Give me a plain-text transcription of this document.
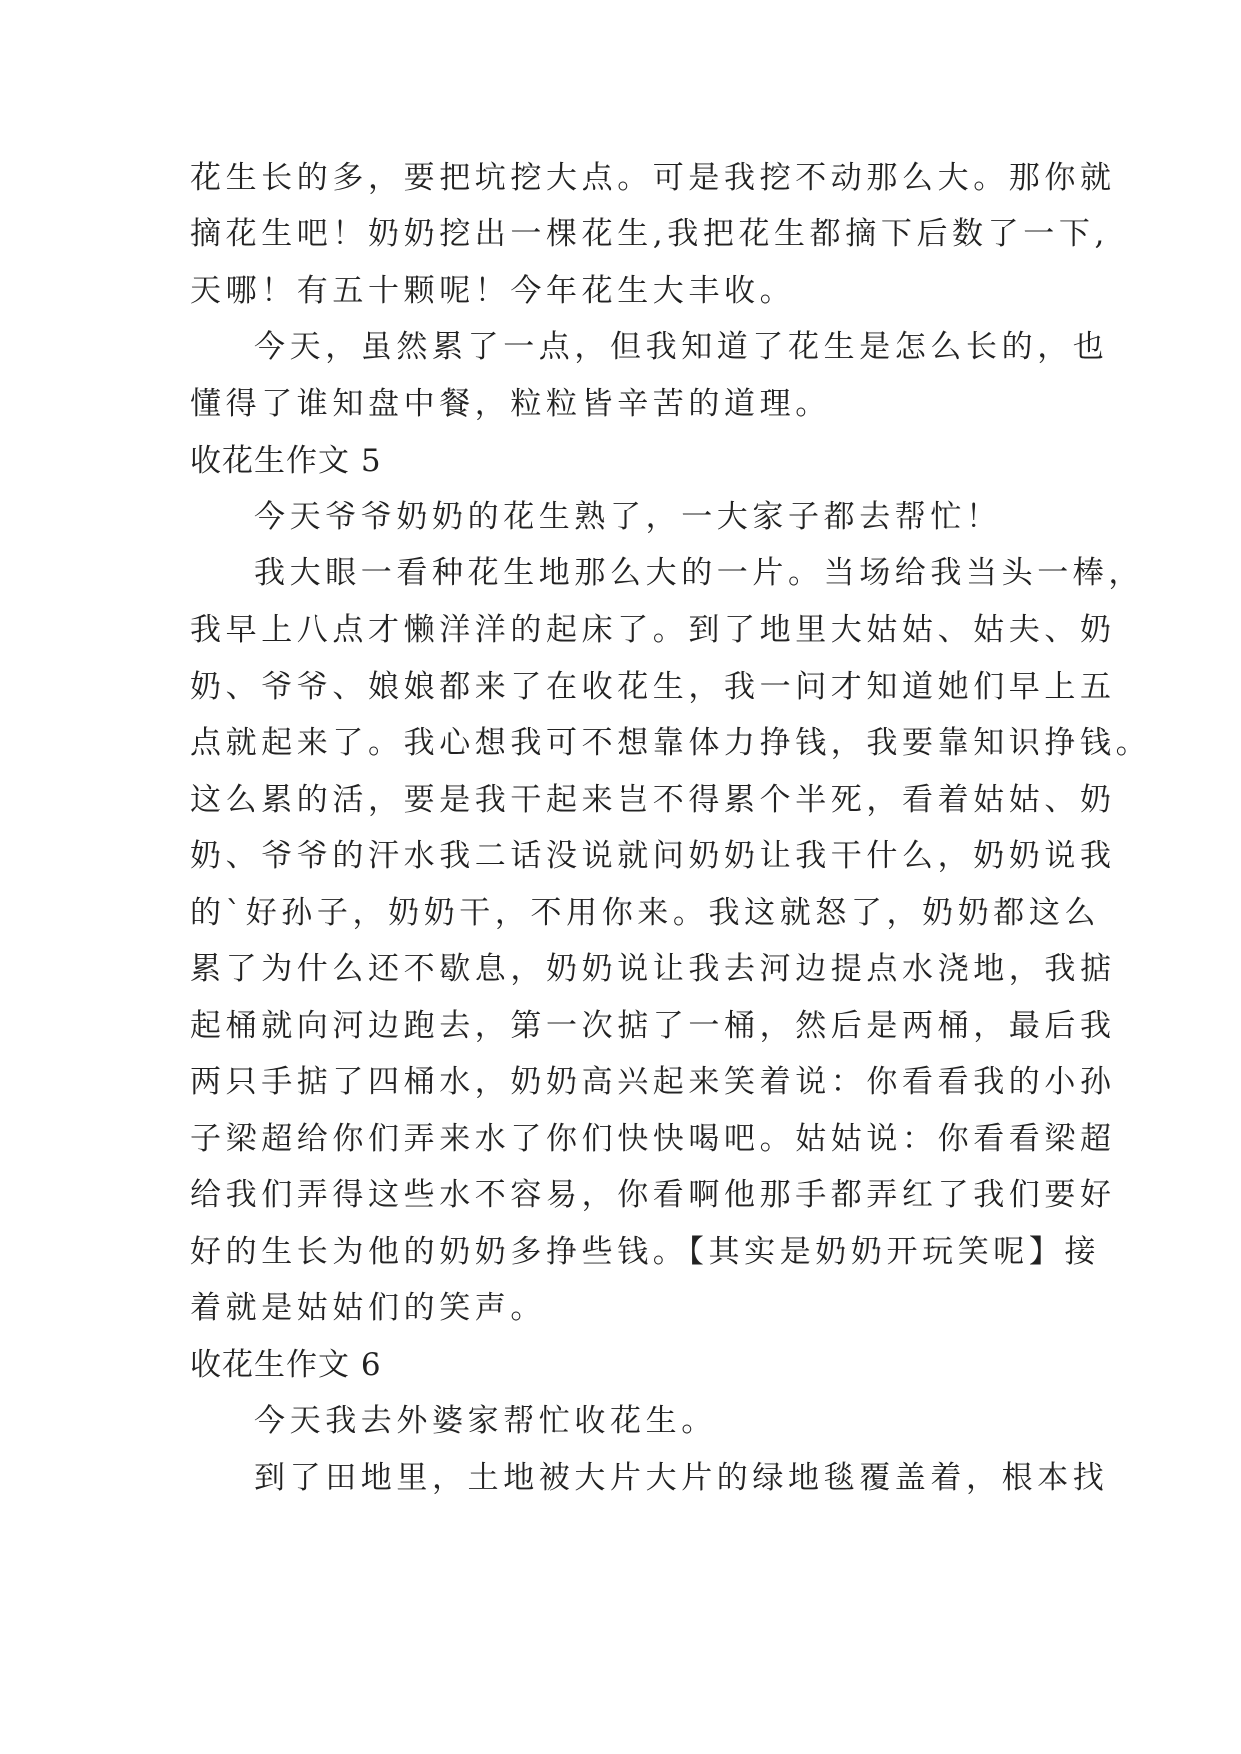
花生长的多，要把坑挖大点。可是我挖不动那么大。那你就
摘花生吧！奶奶挖出一棵花生,我把花生都摘下后数了一下,
天哪！有五十颗呢！今年花生大丰收。
今天，虽然累了一点，但我知道了花生是怎么长的，也
懂得了谁知盘中餐，粒粒皆辛苦的道理。
收花生作文 5
今天爷爷奶奶的花生熟了，一大家子都去帮忙！
我大眼一看种花生地那么大的一片。当场给我当头一棒，
我早上八点才懒洋洋的起床了。到了地里大姑姑、姑夫、奶
奶、爷爷、娘娘都来了在收花生，我一问才知道她们早上五
点就起来了。我心想我可不想靠体力挣钱，我要靠知识挣钱。
这么累的活，要是我干起来岂不得累个半死，看着姑姑、奶
奶、爷爷的汗水我二话没说就问奶奶让我干什么，奶奶说我
的`好孙子，奶奶干，不用你来。我这就怒了，奶奶都这么
累了为什么还不歇息，奶奶说让我去河边提点水浇地，我掂
起桶就向河边跑去，第一次掂了一桶，然后是两桶，最后我
两只手掂了四桶水，奶奶高兴起来笑着说：你看看我的小孙
子梁超给你们弄来水了你们快快喝吧。姑姑说：你看看梁超
给我们弄得这些水不容易，你看啊他那手都弄红了我们要好
好的生长为他的奶奶多挣些钱。【其实是奶奶开玩笑呢】接
着就是姑姑们的笑声。
收花生作文 6
今天我去外婆家帮忙收花生。
到了田地里，土地被大片大片的绿地毯覆盖着，根本找
